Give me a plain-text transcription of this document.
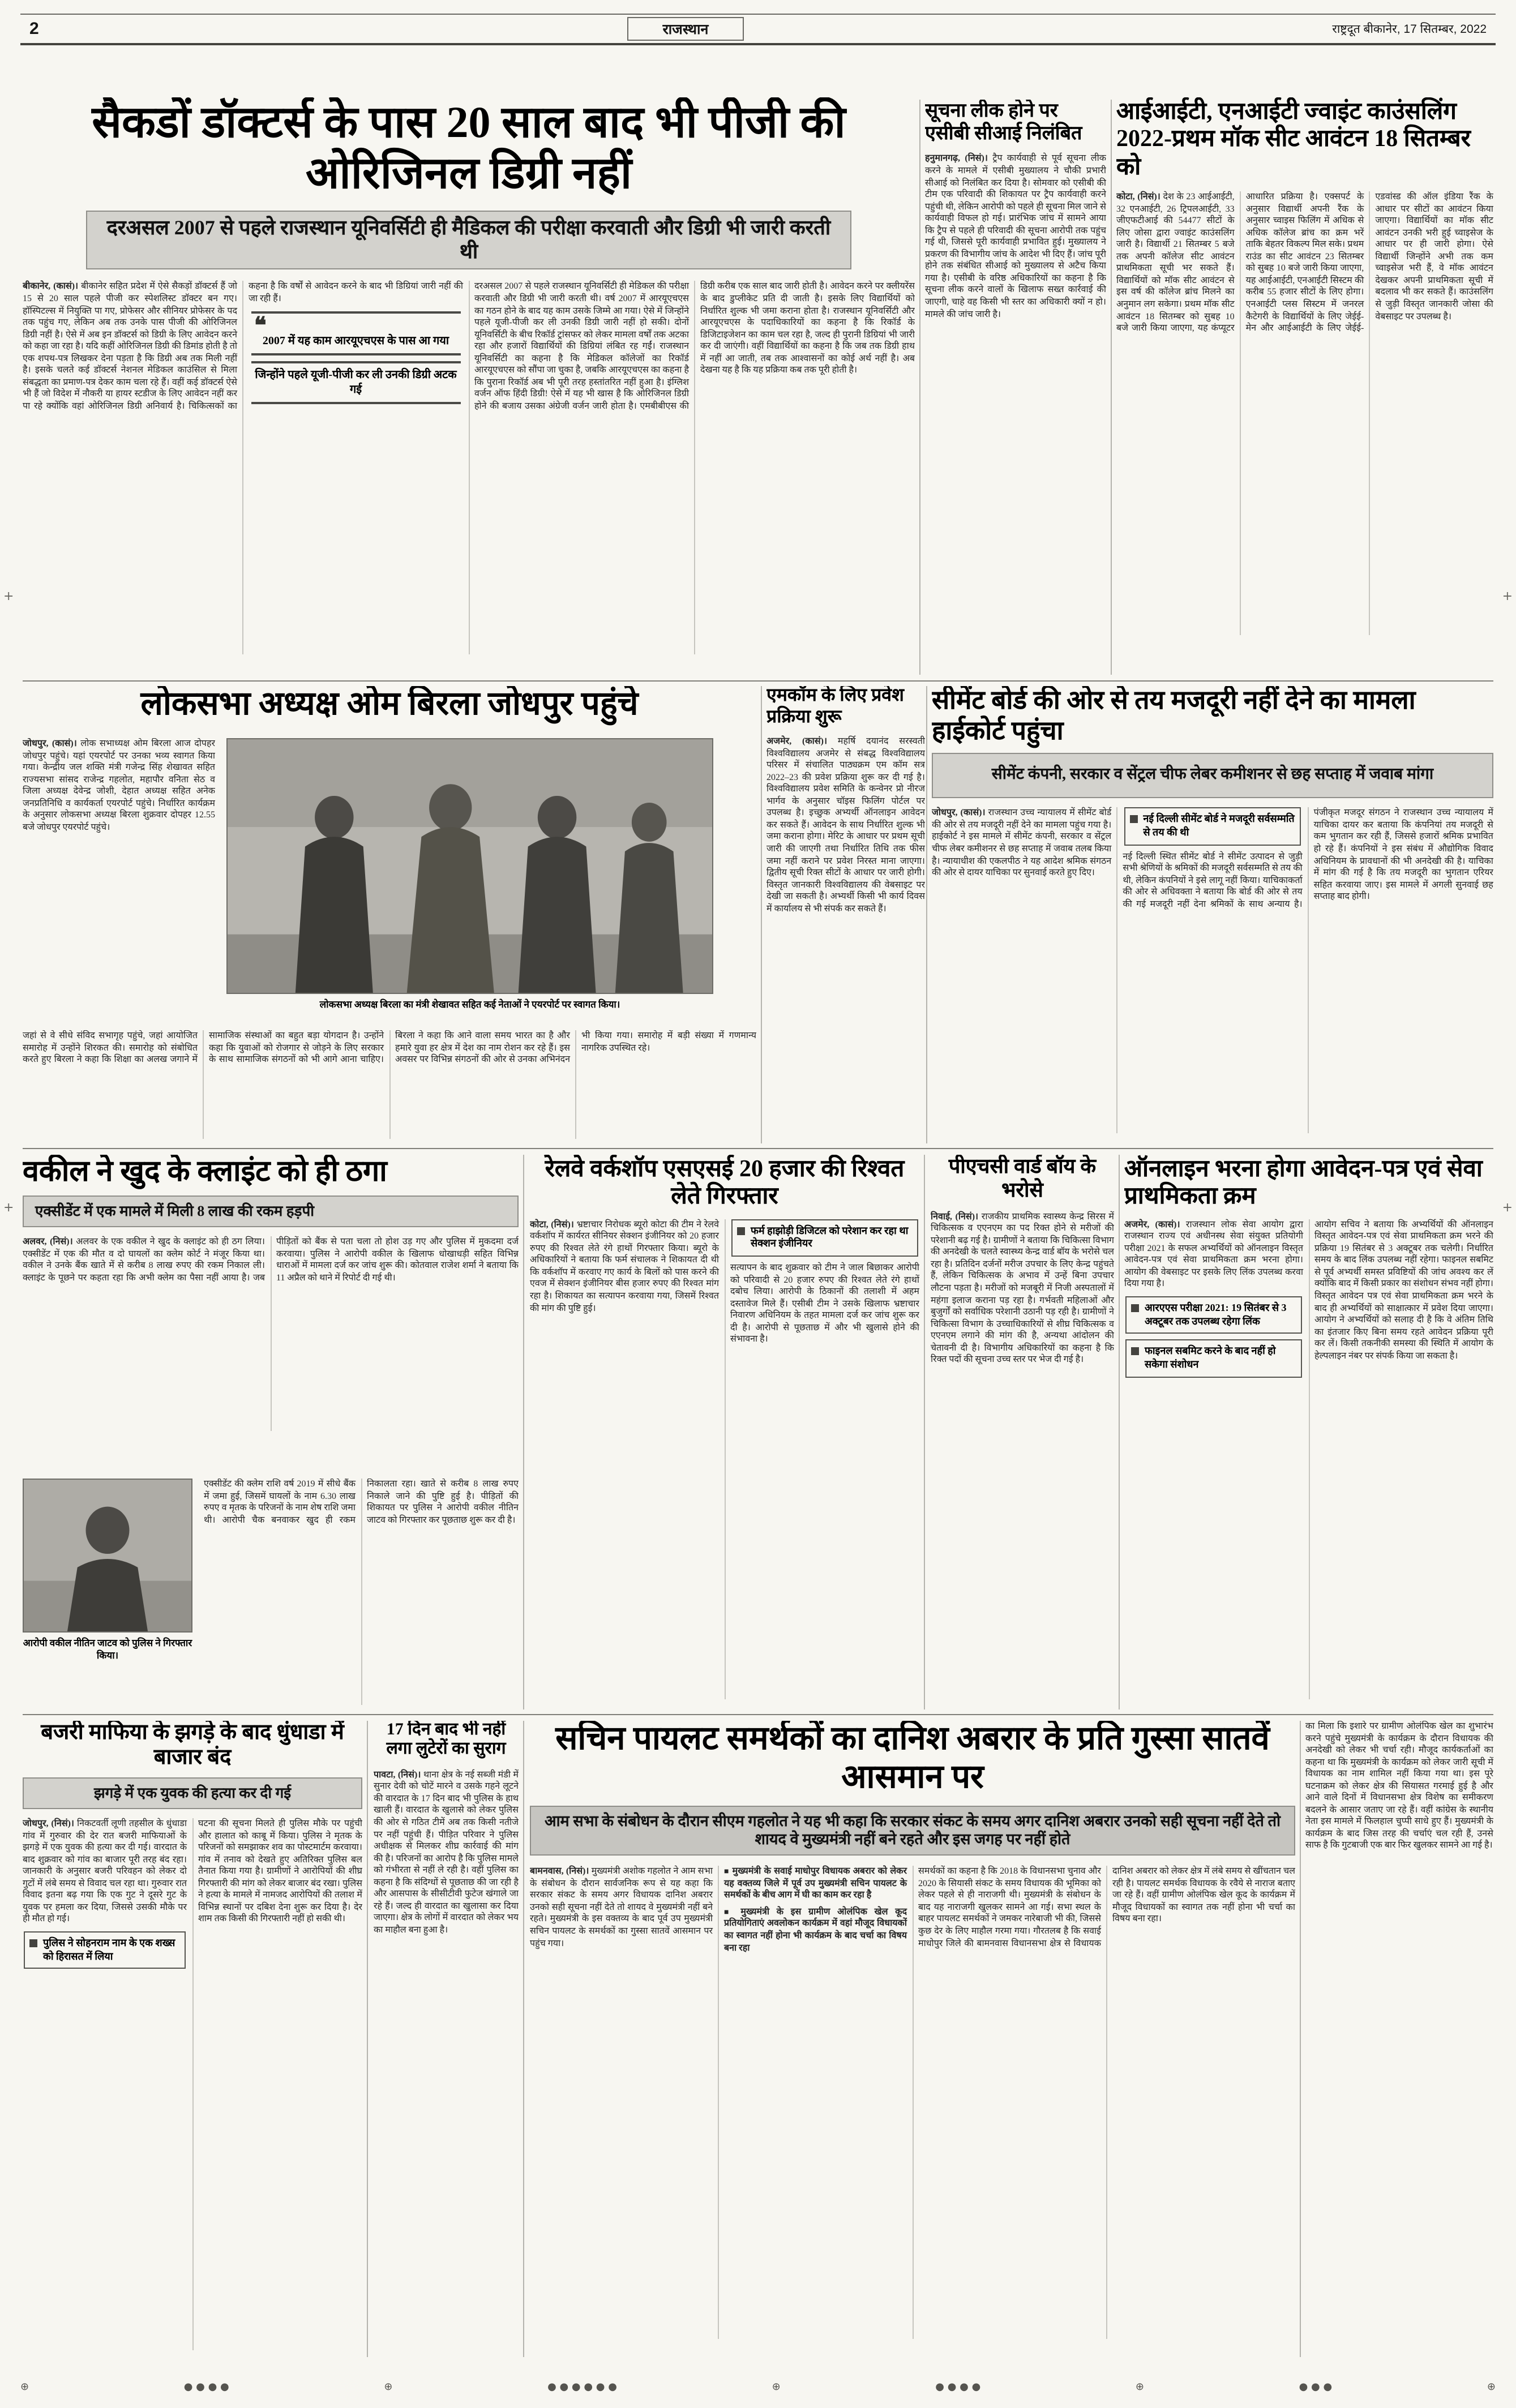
2	राजस्थान	राष्ट्रदूत बीकानेर, 17 सितम्बर, 2022
+	+
+	+
सैकडों डॉक्टर्स के पास 20 साल बाद भी पीजी की ओरिजिनल डिग्री नहीं
दरअसल 2007 से पहले राजस्थान यूनिवर्सिटी ही मैडिकल की परीक्षा करवाती और डिग्री भी जारी करती थी
बीकानेर, (कासं)। बीकानेर सहित प्रदेश में ऐसे सैकड़ों डॉक्टर्स हैं जो 15 से 20 साल पहले पीजी कर स्पेशलिस्ट डॉक्टर बन गए। हॉस्पिटल्स में नियुक्ति पा गए, प्रोफेसर और सीनियर प्रोफेसर के पद तक पहुंच गए, लेकिन अब तक उनके पास पीजी की ओरिजिनल डिग्री नहीं है। ऐसे में अब इन डॉक्टर्स को डिग्री के लिए आवेदन करने को कहा जा रहा है। यदि कहीं ओरिजिनल डिग्री की डिमांड होती है तो एक शपथ-पत्र लिखकर देना पड़ता है कि डिग्री अब तक मिली नहीं है। इसके चलते कई डॉक्टर्स नेशनल मेडिकल काउंसिल से मिला संबद्धता का प्रमाण-पत्र देकर काम चला रहे हैं। वहीं कई डॉक्टर्स ऐसे भी हैं जो विदेश में नौकरी या हायर स्टडीज के लिए आवेदन नहीं कर पा रहे क्योंकि वहां ओरिजिनल डिग्री अनिवार्य है। चिकित्सकों का कहना है कि वर्षों से आवेदन करने के बाद भी डिग्रियां जारी नहीं की जा रही हैं।
❝
2007 में यह काम आरयूएचएस के पास आ गया
जिन्होंने पहले यूजी-पीजी कर ली उनकी डिग्री अटक गई
दरअसल 2007 से पहले राजस्थान यूनिवर्सिटी ही मेडिकल की परीक्षा करवाती और डिग्री भी जारी करती थी। वर्ष 2007 में आरयूएचएस का गठन होने के बाद यह काम उसके जिम्मे आ गया। ऐसे में जिन्होंने पहले यूजी-पीजी कर ली उनकी डिग्री जारी नहीं हो सकी। दोनों यूनिवर्सिटी के बीच रिकॉर्ड ट्रांसफर को लेकर मामला वर्षों तक अटका रहा और हजारों विद्यार्थियों की डिग्रियां लंबित रह गईं। राजस्थान यूनिवर्सिटी का कहना है कि मेडिकल कॉलेजों का रिकॉर्ड आरयूएचएस को सौंपा जा चुका है, जबकि आरयूएचएस का कहना है कि पुराना रिकॉर्ड अब भी पूरी तरह हस्तांतरित नहीं हुआ है। इंग्लिश वर्जन ऑफ हिंदी डिग्री! ऐसे में यह भी खास है कि ओरिजिनल डिग्री होने की बजाय उसका अंग्रेजी वर्जन जारी होता है। एमबीबीएस की डिग्री करीब एक साल बाद जारी होती है। आवेदन करने पर क्लीयरेंस के बाद डुप्लीकेट प्रति दी जाती है। इसके लिए विद्यार्थियों को निर्धारित शुल्क भी जमा कराना होता है। राजस्थान यूनिवर्सिटी और आरयूएचएस के पदाधिकारियों का कहना है कि रिकॉर्ड के डिजिटाइजेशन का काम चल रहा है, जल्द ही पुरानी डिग्रियां भी जारी कर दी जाएंगी। वहीं विद्यार्थियों का कहना है कि जब तक डिग्री हाथ में नहीं आ जाती, तब तक आश्वासनों का कोई अर्थ नहीं है। अब देखना यह है कि यह प्रक्रिया कब तक पूरी होती है।
सूचना लीक होने पर एसीबी सीआई निलंबित
हनुमानगढ़, (निसं)। ट्रैप कार्यवाही से पूर्व सूचना लीक करने के मामले में एसीबी मुख्यालय ने चौकी प्रभारी सीआई को निलंबित कर दिया है। सोमवार को एसीबी की टीम एक परिवादी की शिकायत पर ट्रैप कार्यवाही करने पहुंची थी, लेकिन आरोपी को पहले ही सूचना मिल जाने से कार्यवाही विफल हो गई। प्रारंभिक जांच में सामने आया कि ट्रैप से पहले ही परिवादी की सूचना आरोपी तक पहुंच गई थी, जिससे पूरी कार्यवाही प्रभावित हुई। मुख्यालय ने प्रकरण की विभागीय जांच के आदेश भी दिए हैं। जांच पूरी होने तक संबंधित सीआई को मुख्यालय से अटैच किया गया है। एसीबी के वरिष्ठ अधिकारियों का कहना है कि सूचना लीक करने वालों के खिलाफ सख्त कार्रवाई की जाएगी, चाहे वह किसी भी स्तर का अधिकारी क्यों न हो। मामले की जांच जारी है।
आईआईटी, एनआईटी ज्वाइंट काउंसलिंग 2022-प्रथम मॉक सीट आवंटन 18 सितम्बर को
कोटा, (निसं)। देश के 23 आईआईटी, 32 एनआईटी, 26 ट्रिपलआईटी, 33 जीएफटीआई की 54477 सीटों के लिए जोसा द्वारा ज्वाइंट काउंसलिंग जारी है। विद्यार्थी 21 सितम्बर 5 बजे तक अपनी कॉलेज सीट आवंटन प्राथमिकता सूची भर सकते हैं। विद्यार्थियों को मॉक सीट आवंटन से इस वर्ष की कॉलेज ब्रांच मिलने का अनुमान लग सकेगा। प्रथम मॉक सीट आवंटन 18 सितम्बर को सुबह 10 बजे जारी किया जाएगा, यह कंप्यूटर आधारित प्रक्रिया है। एक्सपर्ट के अनुसार विद्यार्थी अपनी रैंक के अनुसार च्वाइस फिलिंग में अधिक से अधिक कॉलेज ब्रांच का क्रम भरें ताकि बेहतर विकल्प मिल सके। प्रथम राउंड का सीट आवंटन 23 सितम्बर को सुबह 10 बजे जारी किया जाएगा, यह आईआईटी, एनआईटी सिस्टम की करीब 55 हजार सीटों के लिए होगा। एनआईटी प्लस सिस्टम में जनरल कैटेगरी के विद्यार्थियों के लिए जेईई-मेन और आईआईटी के लिए जेईई-एडवांस्ड की ऑल इंडिया रैंक के आधार पर सीटों का आवंटन किया जाएगा। विद्यार्थियों का मॉक सीट आवंटन उनकी भरी हुई च्वाइसेज के आधार पर ही जारी होगा। ऐसे विद्यार्थी जिन्होंने अभी तक कम च्वाइसेज भरी हैं, वे मॉक आवंटन देखकर अपनी प्राथमिकता सूची में बदलाव भी कर सकते हैं। काउंसलिंग से जुड़ी विस्तृत जानकारी जोसा की वेबसाइट पर उपलब्ध है।
लोकसभा अध्यक्ष ओम बिरला जोधपुर पहुंचे
जोधपुर, (कासं)। लोक सभाध्यक्ष ओम बिरला आज दोपहर जोधपुर पहुंचे। यहां एयरपोर्ट पर उनका भव्य स्वागत किया गया। केन्द्रीय जल शक्ति मंत्री गजेन्द्र सिंह शेखावत सहित राज्यसभा सांसद राजेन्द्र गहलोत, महापौर वनिता सेठ व जिला अध्यक्ष देवेन्द्र जोशी, देहात अध्यक्ष सहित अनेक जनप्रतिनिधि व कार्यकर्ता एयरपोर्ट पहुंचे। निर्धारित कार्यक्रम के अनुसार लोकसभा अध्यक्ष बिरला शुक्रवार दोपहर 12.55 बजे जोधपुर एयरपोर्ट पहुंचे।
लोकसभा अध्यक्ष बिरला का मंत्री शेखावत सहित कई नेताओं ने एयरपोर्ट पर स्वागत किया।
जहां से वे सीधे संविद सभागृह पहुंचे, जहां आयोजित समारोह में उन्होंने शिरकत की। समारोह को संबोधित करते हुए बिरला ने कहा कि शिक्षा का अलख जगाने में सामाजिक संस्थाओं का बहुत बड़ा योगदान है। उन्होंने कहा कि युवाओं को रोजगार से जोड़ने के लिए सरकार के साथ सामाजिक संगठनों को भी आगे आना चाहिए। बिरला ने कहा कि आने वाला समय भारत का है और हमारे युवा हर क्षेत्र में देश का नाम रोशन कर रहे हैं। इस अवसर पर विभिन्न संगठनों की ओर से उनका अभिनंदन भी किया गया। समारोह में बड़ी संख्या में गणमान्य नागरिक उपस्थित रहे।
एमकॉम के लिए प्रवेश प्रक्रिया शुरू
अजमेर, (कासं)। महर्षि दयानंद सरस्वती विश्वविद्यालय अजमेर से संबद्ध विश्वविद्यालय परिसर में संचालित पाठ्यक्रम एम कॉम सत्र 2022–23 की प्रवेश प्रक्रिया शुरू कर दी गई है। विश्वविद्यालय प्रवेश समिति के कन्वेनर प्रो नीरज भार्गव के अनुसार चॉइस फिलिंग पोर्टल पर उपलब्ध है। इच्छुक अभ्यर्थी ऑनलाइन आवेदन कर सकते हैं। आवेदन के साथ निर्धारित शुल्क भी जमा कराना होगा। मेरिट के आधार पर प्रथम सूची जारी की जाएगी तथा निर्धारित तिथि तक फीस जमा नहीं कराने पर प्रवेश निरस्त माना जाएगा। द्वितीय सूची रिक्त सीटों के आधार पर जारी होगी। विस्तृत जानकारी विश्वविद्यालय की वेबसाइट पर देखी जा सकती है। अभ्यर्थी किसी भी कार्य दिवस में कार्यालय से भी संपर्क कर सकते हैं।
सीमेंट बोर्ड की ओर से तय मजदूरी नहीं देने का मामला हाईकोर्ट पहुंचा
सीमेंट कंपनी, सरकार व सेंट्रल चीफ लेबर कमीशनर से छह सप्ताह में जवाब मांगा
जोधपुर, (कासं)। राजस्थान उच्च न्यायालय में सीमेंट बोर्ड की ओर से तय मजदूरी नहीं देने का मामला पहुंच गया है। हाईकोर्ट ने इस मामले में सीमेंट कंपनी, सरकार व सेंट्रल चीफ लेबर कमीशनर से छह सप्ताह में जवाब तलब किया है। न्यायाधीश की एकलपीठ ने यह आदेश श्रमिक संगठन की ओर से दायर याचिका पर सुनवाई करते हुए दिए।
नई दिल्ली सीमेंट बोर्ड ने मजदूरी सर्वसम्मति से तय की थी
नई दिल्ली स्थित सीमेंट बोर्ड ने सीमेंट उत्पादन से जुड़ी सभी श्रेणियों के श्रमिकों की मजदूरी सर्वसम्मति से तय की थी, लेकिन कंपनियों ने इसे लागू नहीं किया। याचिकाकर्ता की ओर से अधिवक्ता ने बताया कि बोर्ड की ओर से तय की गई मजदूरी नहीं देना श्रमिकों के साथ अन्याय है। पंजीकृत मजदूर संगठन ने राजस्थान उच्च न्यायालय में याचिका दायर कर बताया कि कंपनियां तय मजदूरी से कम भुगतान कर रही हैं, जिससे हजारों श्रमिक प्रभावित हो रहे हैं। कंपनियों ने इस संबंध में औद्योगिक विवाद अधिनियम के प्रावधानों की भी अनदेखी की है। याचिका में मांग की गई है कि तय मजदूरी का भुगतान एरियर सहित करवाया जाए। इस मामले में अगली सुनवाई छह सप्ताह बाद होगी।
वकील ने खुद के क्लाइंट को ही ठगा
एक्सीडेंट में एक मामले में मिली 8 लाख की रकम हड़पी
अलवर, (निसं)। अलवर के एक वकील ने खुद के क्लाइंट को ही ठग लिया। एक्सीडेंट में एक की मौत व दो घायलों का क्लेम कोर्ट ने मंजूर किया था। वकील ने उनके बैंक खाते में से करीब 8 लाख रुपए की रकम निकाल ली। क्लाइंट के पूछने पर कहता रहा कि अभी क्लेम का पैसा नहीं आया है। जब पीड़ितों को बैंक से पता चला तो होश उड़ गए और पुलिस में मुकदमा दर्ज करवाया। पुलिस ने आरोपी वकील के खिलाफ धोखाधड़ी सहित विभिन्न धाराओं में मामला दर्ज कर जांच शुरू की। कोतवाल राजेश शर्मा ने बताया कि 11 अप्रैल को थाने में रिपोर्ट दी गई थी।
आरोपी वकील नीतिन जाटव को पुलिस ने गिरफ्तार किया।
एक्सीडेंट की क्लेम राशि वर्ष 2019 में सीधे बैंक में जमा हुई, जिसमें घायलों के नाम 6.30 लाख रुपए व मृतक के परिजनों के नाम शेष राशि जमा थी। आरोपी चैक बनवाकर खुद ही रकम निकालता रहा। खाते से करीब 8 लाख रुपए निकाले जाने की पुष्टि हुई है। पीड़ितों की शिकायत पर पुलिस ने आरोपी वकील नीतिन जाटव को गिरफ्तार कर पूछताछ शुरू कर दी है।
रेलवे वर्कशॉप एसएसई 20 हजार की रिश्वत लेते गिरफ्तार
कोटा, (निसं)। भ्रष्टाचार निरोधक ब्यूरो कोटा की टीम ने रेलवे वर्कशॉप में कार्यरत सीनियर सेक्शन इंजीनियर को 20 हजार रुपए की रिश्वत लेते रंगे हाथों गिरफ्तार किया। ब्यूरो के अधिकारियों ने बताया कि फर्म संचालक ने शिकायत दी थी कि वर्कशॉप में करवाए गए कार्य के बिलों को पास करने की एवज में सेक्शन इंजीनियर बीस हजार रुपए की रिश्वत मांग रहा है। शिकायत का सत्यापन करवाया गया, जिसमें रिश्वत की मांग की पुष्टि हुई।
फर्म हाझोड़ी डिजिटल को परेशान कर रहा था सेक्शन इंजीनियर
सत्यापन के बाद शुक्रवार को टीम ने जाल बिछाकर आरोपी को परिवादी से 20 हजार रुपए की रिश्वत लेते रंगे हाथों दबोच लिया। आरोपी के ठिकानों की तलाशी में अहम दस्तावेज मिले हैं। एसीबी टीम ने उसके खिलाफ भ्रष्टाचार निवारण अधिनियम के तहत मामला दर्ज कर जांच शुरू कर दी है। आरोपी से पूछताछ में और भी खुलासे होने की संभावना है।
पीएचसी वार्ड बॉय के भरोसे
निवाई, (निसं)। राजकीय प्राथमिक स्वास्थ्य केन्द्र सिरस में चिकित्सक व एएनएम का पद रिक्त होने से मरीजों की परेशानी बढ़ गई है। ग्रामीणों ने बताया कि चिकित्सा विभाग की अनदेखी के चलते स्वास्थ्य केन्द्र वार्ड बॉय के भरोसे चल रहा है। प्रतिदिन दर्जनों मरीज उपचार के लिए केन्द्र पहुंचते हैं, लेकिन चिकित्सक के अभाव में उन्हें बिना उपचार लौटना पड़ता है। मरीजों को मजबूरी में निजी अस्पतालों में महंगा इलाज कराना पड़ रहा है। गर्भवती महिलाओं और बुजुर्गों को सर्वाधिक परेशानी उठानी पड़ रही है। ग्रामीणों ने चिकित्सा विभाग के उच्चाधिकारियों से शीघ्र चिकित्सक व एएनएम लगाने की मांग की है, अन्यथा आंदोलन की चेतावनी दी है। विभागीय अधिकारियों का कहना है कि रिक्त पदों की सूचना उच्च स्तर पर भेज दी गई है।
ऑनलाइन भरना होगा आवेदन-पत्र एवं सेवा प्राथमिकता क्रम
अजमेर, (कासं)। राजस्थान लोक सेवा आयोग द्वारा राजस्थान राज्य एवं अधीनस्थ सेवा संयुक्त प्रतियोगी परीक्षा 2021 के सफल अभ्यर्थियों को ऑनलाइन विस्तृत आवेदन-पत्र एवं सेवा प्राथमिकता क्रम भरना होगा। आयोग की वेबसाइट पर इसके लिए लिंक उपलब्ध करवा दिया गया है।
आरएएस परीक्षा 2021: 19 सितंबर से 3 अक्टूबर तक उपलब्ध रहेगा लिंक
फाइनल सबमिट करने के बाद नहीं हो सकेगा संशोधन
आयोग सचिव ने बताया कि अभ्यर्थियों की ऑनलाइन विस्तृत आवेदन-पत्र एवं सेवा प्राथमिकता क्रम भरने की प्रक्रिया 19 सितंबर से 3 अक्टूबर तक चलेगी। निर्धारित समय के बाद लिंक उपलब्ध नहीं रहेगा। फाइनल सबमिट से पूर्व अभ्यर्थी समस्त प्रविष्टियों की जांच अवश्य कर लें क्योंकि बाद में किसी प्रकार का संशोधन संभव नहीं होगा। विस्तृत आवेदन पत्र एवं सेवा प्राथमिकता क्रम भरने के बाद ही अभ्यर्थियों को साक्षात्कार में प्रवेश दिया जाएगा। आयोग ने अभ्यर्थियों को सलाह दी है कि वे अंतिम तिथि का इंतजार किए बिना समय रहते आवेदन प्रक्रिया पूरी कर लें। किसी तकनीकी समस्या की स्थिति में आयोग के हेल्पलाइन नंबर पर संपर्क किया जा सकता है।
बजरी माफिया के झगड़े के बाद धुंधाडा में बाजार बंद
झगड़े में एक युवक की हत्या कर दी गई
जोधपुर, (निसं)। निकटवर्ती लूणी तहसील के धुंधाडा गांव में गुरुवार की देर रात बजरी माफियाओं के झगड़े में एक युवक की हत्या कर दी गई। वारदात के बाद शुक्रवार को गांव का बाजार पूरी तरह बंद रहा। जानकारी के अनुसार बजरी परिवहन को लेकर दो गुटों में लंबे समय से विवाद चल रहा था। गुरुवार रात विवाद इतना बढ़ गया कि एक गुट ने दूसरे गुट के युवक पर हमला कर दिया, जिससे उसकी मौके पर ही मौत हो गई।
पुलिस ने सोहनराम नाम के एक शख्स को हिरासत में लिया
घटना की सूचना मिलते ही पुलिस मौके पर पहुंची और हालात को काबू में किया। पुलिस ने मृतक के परिजनों को समझाकर शव का पोस्टमार्टम करवाया। गांव में तनाव को देखते हुए अतिरिक्त पुलिस बल तैनात किया गया है। ग्रामीणों ने आरोपियों की शीघ्र गिरफ्तारी की मांग को लेकर बाजार बंद रखा। पुलिस ने हत्या के मामले में नामजद आरोपियों की तलाश में विभिन्न स्थानों पर दबिश देना शुरू कर दिया है। देर शाम तक किसी की गिरफ्तारी नहीं हो सकी थी।
17 दिन बाद भी नहीं लगा लुटेरों का सुराग
पावटा, (निसं)। थाना क्षेत्र के नई सब्जी मंडी में सुनार देवी को चोटें मारने व उसके गहने लूटने की वारदात के 17 दिन बाद भी पुलिस के हाथ खाली हैं। वारदात के खुलासे को लेकर पुलिस की ओर से गठित टीमें अब तक किसी नतीजे पर नहीं पहुंची हैं। पीड़ित परिवार ने पुलिस अधीक्षक से मिलकर शीघ्र कार्रवाई की मांग की है। परिजनों का आरोप है कि पुलिस मामले को गंभीरता से नहीं ले रही है। वहीं पुलिस का कहना है कि संदिग्धों से पूछताछ की जा रही है और आसपास के सीसीटीवी फुटेज खंगाले जा रहे हैं। जल्द ही वारदात का खुलासा कर दिया जाएगा। क्षेत्र के लोगों में वारदात को लेकर भय का माहौल बना हुआ है।
सचिन पायलट समर्थकों का दानिश अबरार के प्रति गुस्सा सातवें आसमान पर
आम सभा के संबोधन के दौरान सीएम गहलोत ने यह भी कहा कि सरकार संकट के समय अगर दानिश अबरार उनको सही सूचना नहीं देते तो शायद वे मुख्यमंत्री नहीं बने रहते और इस जगह पर नहीं होते
बामनवास, (निसं)। मुख्यमंत्री अशोक गहलोत ने आम सभा के संबोधन के दौरान सार्वजनिक रूप से यह कहा कि सरकार संकट के समय अगर विधायक दानिश अबरार उनको सही सूचना नहीं देते तो शायद वे मुख्यमंत्री नहीं बने रहते। मुख्यमंत्री के इस वक्तव्य के बाद पूर्व उप मुख्यमंत्री सचिन पायलट के समर्थकों का गुस्सा सातवें आसमान पर पहुंच गया।
■ मुख्यमंत्री के सवाई माधोपुर विधायक अबरार को लेकर यह वक्तव्य जिले में पूर्व उप मुख्यमंत्री सचिन पायलट के समर्थकों के बीच आग में घी का काम कर रहा है
■ मुख्यमंत्री के इस ग्रामीण ओलंपिक खेल कूद प्रतियोगिताएं अवलोकन कार्यक्रम में वहां मौजूद विधायकों का स्वागत नहीं होना भी कार्यक्रम के बाद चर्चा का विषय बना रहा
समर्थकों का कहना है कि 2018 के विधानसभा चुनाव और 2020 के सियासी संकट के समय विधायक की भूमिका को लेकर पहले से ही नाराजगी थी। मुख्यमंत्री के संबोधन के बाद यह नाराजगी खुलकर सामने आ गई। सभा स्थल के बाहर पायलट समर्थकों ने जमकर नारेबाजी भी की, जिससे कुछ देर के लिए माहौल गरमा गया। गौरतलब है कि सवाई माधोपुर जिले की बामनवास विधानसभा क्षेत्र से विधायक दानिश अबरार को लेकर क्षेत्र में लंबे समय से खींचतान चल रही है। पायलट समर्थक विधायक के रवैये से नाराज बताए जा रहे हैं। वहीं ग्रामीण ओलंपिक खेल कूद के कार्यक्रम में मौजूद विधायकों का स्वागत तक नहीं होना भी चर्चा का विषय बना रहा।
का मिला कि इशारे पर ग्रामीण ओलंपिक खेल का शुभारंभ करने पहुंचे मुख्यमंत्री के कार्यक्रम के दौरान विधायक की अनदेखी को लेकर भी चर्चा रही। मौजूद कार्यकर्ताओं का कहना था कि मुख्यमंत्री के कार्यक्रम को लेकर जारी सूची में विधायक का नाम शामिल नहीं किया गया था। इस पूरे घटनाक्रम को लेकर क्षेत्र की सियासत गरमाई हुई है और आने वाले दिनों में विधानसभा क्षेत्र विशेष का समीकरण बदलने के आसार जताए जा रहे हैं। वहीं कांग्रेस के स्थानीय नेता इस मामले में फिलहाल चुप्पी साधे हुए हैं। मुख्यमंत्री के कार्यक्रम के बाद जिस तरह की चर्चाएं चल रही हैं, उनसे साफ है कि गुटबाजी एक बार फिर खुलकर सामने आ गई है।
⊕	● ● ● ●	⊕	● ● ● ● ● ●	⊕	● ● ● ●	⊕	● ● ●	⊕
